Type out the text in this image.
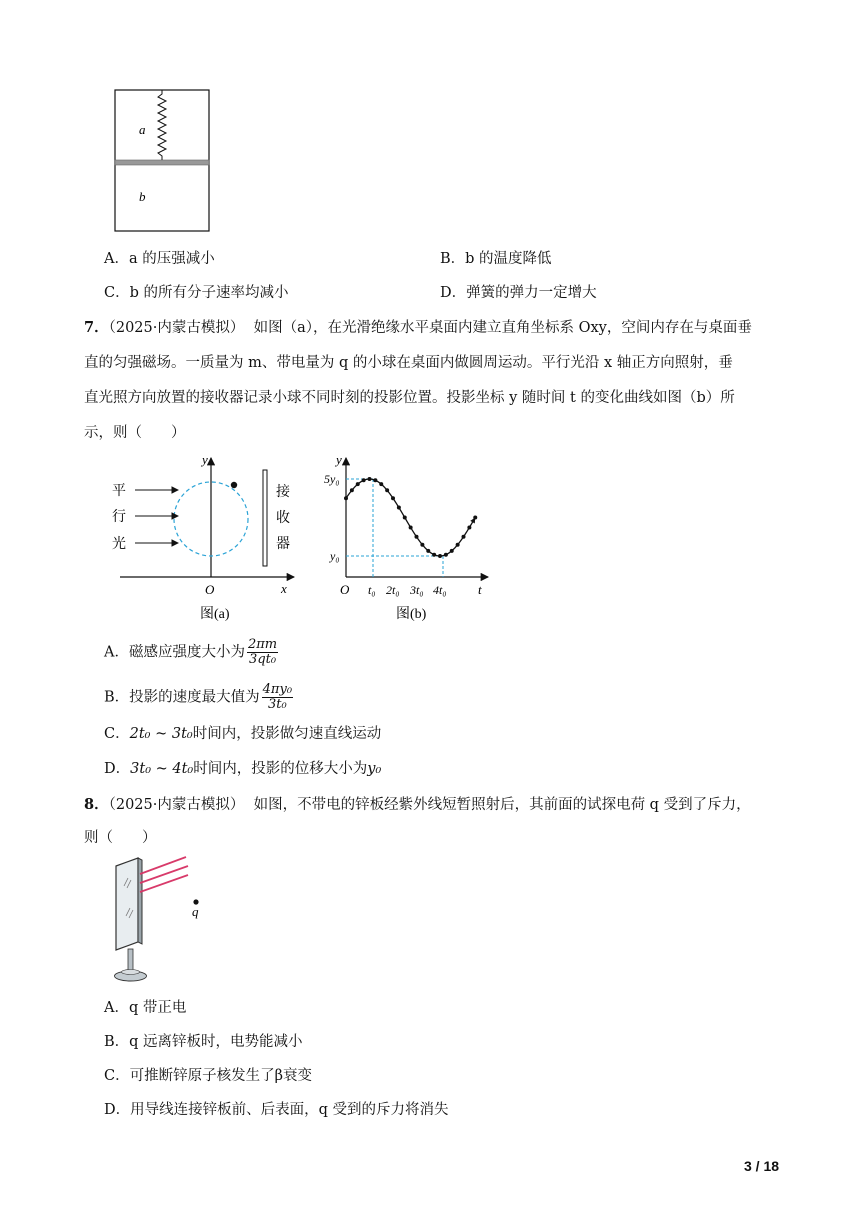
a
b
A．a 的压强减小	B．b 的温度降低
C．b 的所有分子速率均减小	D．弹簧的弹力一定增大
7．（2025·内蒙古模拟） 如图（a），在光滑绝缘水平桌面内建立直角坐标系 Oxy，空间内存在与桌面垂
直的匀强磁场。一质量为 m、带电量为 q 的小球在桌面内做圆周运动。平行光沿 x 轴正方向照射，垂
直光照方向放置的接收器记录小球不同时刻的投影位置。投影坐标 y 随时间 t 的变化曲线如图（b）所
示，则（　　）
y
x
O
平
行
光
接
收
器
图(a)
y
t
O
5y₀
y₀
t₀ 2t₀ 3t₀ 4t₀
图(b)
A．磁感应强度大小为 $\frac{2\pi m}{\text{3qt₀}}$
B．投影的速度最大值为 $\frac{\text{4πy₀}}{\text{3t₀}}$
C．2t₀ ~ 3t₀时间内，投影做匀速直线运动
D．3t₀ ~ 4t₀时间内，投影的位移大小为y₀
8．（2025·内蒙古模拟） 如图，不带电的锌板经紫外线短暂照射后，其前面的试探电荷 q 受到了斥力，
则（　　）
q
A．q 带正电
B．q 远离锌板时，电势能减小
C．可推断锌原子核发生了β衰变
D．用导线连接锌板前、后表面，q 受到的斥力将消失
3 / 18
